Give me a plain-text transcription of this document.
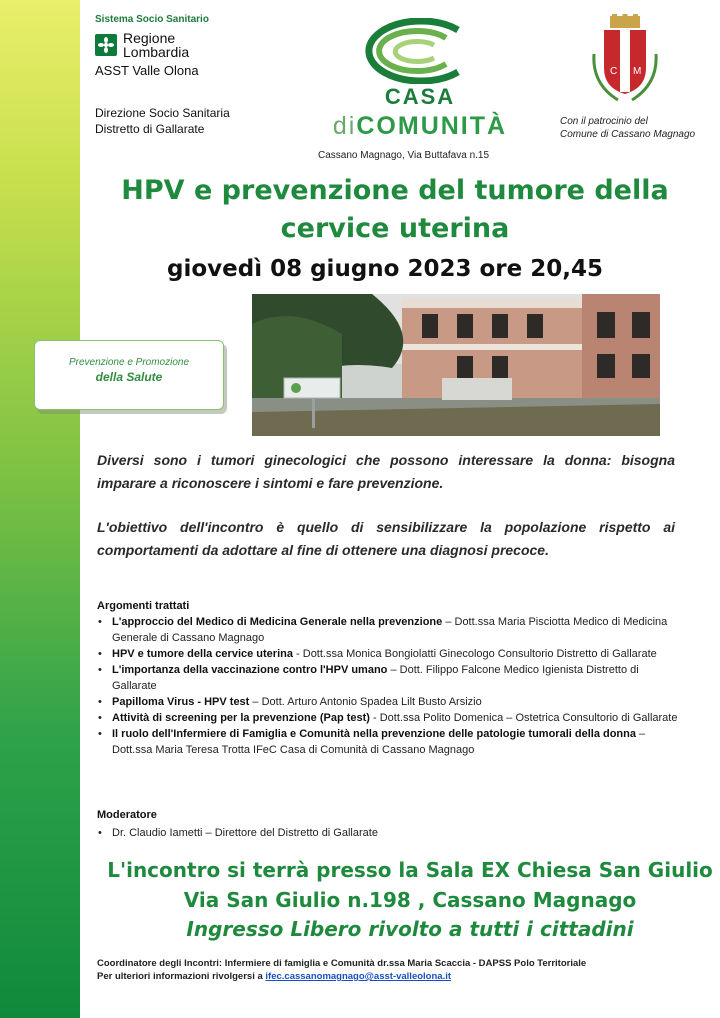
Sistema Socio Sanitario
Regione
Lombardia
ASST Valle Olona
Direzione Socio Sanitaria
Distretto di Gallarate
CASA
diCOMUNITÀ
Cassano Magnago, Via Buttafava n.15
C M
Con il patrocinio del
Comune di Cassano Magnago
HPV e prevenzione del tumore della
cervice uterina
giovedì 08 giugno 2023 ore 20,45
Prevenzione e Promozione
della Salute

Diversi sono i tumori ginecologici che possono interessare la donna: bisogna imparare a riconoscere i sintomi e fare prevenzione.

L'obiettivo dell'incontro è quello di sensibilizzare la popolazione rispetto ai comportamenti da adottare al fine di ottenere una diagnosi precoce.

Argomenti trattati
• L'approccio del Medico di Medicina Generale nella prevenzione – Dott.ssa Maria Pisciotta Medico di Medicina Generale di Cassano Magnago
• HPV e tumore della cervice uterina - Dott.ssa Monica Bongiolatti Ginecologo Consultorio Distretto di Gallarate
• L'importanza della vaccinazione contro l'HPV umano – Dott. Filippo Falcone Medico Igienista Distretto di Gallarate
• Papilloma Virus - HPV test – Dott. Arturo Antonio Spadea Lilt Busto Arsizio
• Attività di screening per la prevenzione (Pap test) - Dott.ssa Polito Domenica – Ostetrica Consultorio di Gallarate
• Il ruolo dell'Infermiere di Famiglia e Comunità nella prevenzione delle patologie tumorali della donna – Dott.ssa Maria Teresa Trotta IFeC Casa di Comunità di Cassano Magnago
Moderatore
• Dr. Claudio Iametti – Direttore del Distretto di Gallarate
L'incontro si terrà presso la Sala EX Chiesa San Giulio
Via San Giulio n.198 , Cassano Magnago
Ingresso Libero rivolto a tutti i cittadini
Coordinatore degli Incontri: Infermiere di famiglia e Comunità dr.ssa Maria Scaccia - DAPSS Polo Territoriale
Per ulteriori informazioni rivolgersi a ifec.cassanomagnago@asst-valleolona.it
